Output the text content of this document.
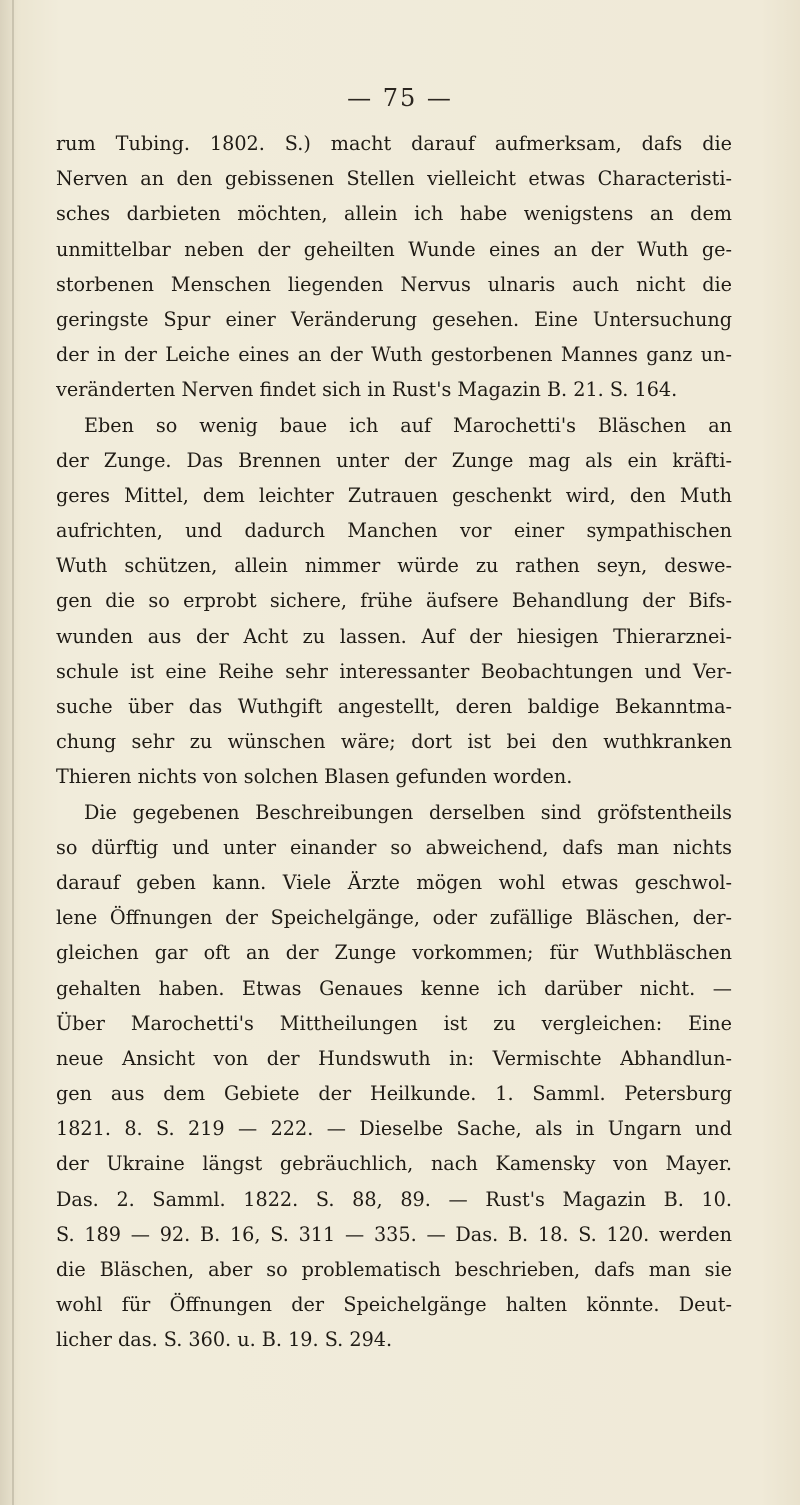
— 75 —
rum Tubing. 1802. S.) macht darauf aufmerksam, dafs die
Nerven an den gebissenen Stellen vielleicht etwas Characteristi-
sches darbieten möchten, allein ich habe wenigstens an dem
unmittelbar neben der geheilten Wunde eines an der Wuth ge-
storbenen Menschen liegenden Nervus ulnaris auch nicht die
geringste Spur einer Veränderung gesehen. Eine Untersuchung
der in der Leiche eines an der Wuth gestorbenen Mannes ganz un-
veränderten Nerven findet sich in Rust's Magazin B. 21. S. 164.
Eben so wenig baue ich auf Marochetti's Bläschen an
der Zunge. Das Brennen unter der Zunge mag als ein kräfti-
geres Mittel, dem leichter Zutrauen geschenkt wird, den Muth
aufrichten, und dadurch Manchen vor einer sympathischen
Wuth schützen, allein nimmer würde zu rathen seyn, deswe-
gen die so erprobt sichere, frühe äufsere Behandlung der Bifs-
wunden aus der Acht zu lassen. Auf der hiesigen Thierarznei-
schule ist eine Reihe sehr interessanter Beobachtungen und Ver-
suche über das Wuthgift angestellt, deren baldige Bekanntma-
chung sehr zu wünschen wäre; dort ist bei den wuthkranken
Thieren nichts von solchen Blasen gefunden worden.
Die gegebenen Beschreibungen derselben sind gröfstentheils
so dürftig und unter einander so abweichend, dafs man nichts
darauf geben kann. Viele Ärzte mögen wohl etwas geschwol-
lene Öffnungen der Speichelgänge, oder zufällige Bläschen, der-
gleichen gar oft an der Zunge vorkommen; für Wuthbläschen
gehalten haben. Etwas Genaues kenne ich darüber nicht. —
Über Marochetti's Mittheilungen ist zu vergleichen: Eine
neue Ansicht von der Hundswuth in: Vermischte Abhandlun-
gen aus dem Gebiete der Heilkunde. 1. Samml. Petersburg
1821. 8. S. 219 — 222. — Dieselbe Sache, als in Ungarn und
der Ukraine längst gebräuchlich, nach Kamensky von Mayer.
Das. 2. Samml. 1822. S. 88, 89. — Rust's Magazin B. 10.
S. 189 — 92. B. 16, S. 311 — 335. — Das. B. 18. S. 120. werden
die Bläschen, aber so problematisch beschrieben, dafs man sie
wohl für Öffnungen der Speichelgänge halten könnte. Deut-
licher das. S. 360. u. B. 19. S. 294.
